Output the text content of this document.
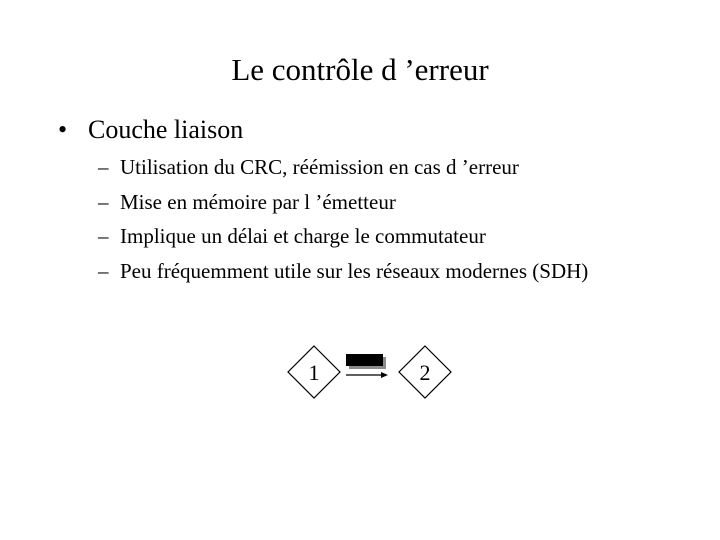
Le contrôle d ’erreur
• Couche liaison
– Utilisation du CRC, réémission en cas d ’erreur
– Mise en mémoire par l ’émetteur
– Implique un délai et charge le commutateur
– Peu fréquemment utile sur les réseaux modernes (SDH)
1	2
